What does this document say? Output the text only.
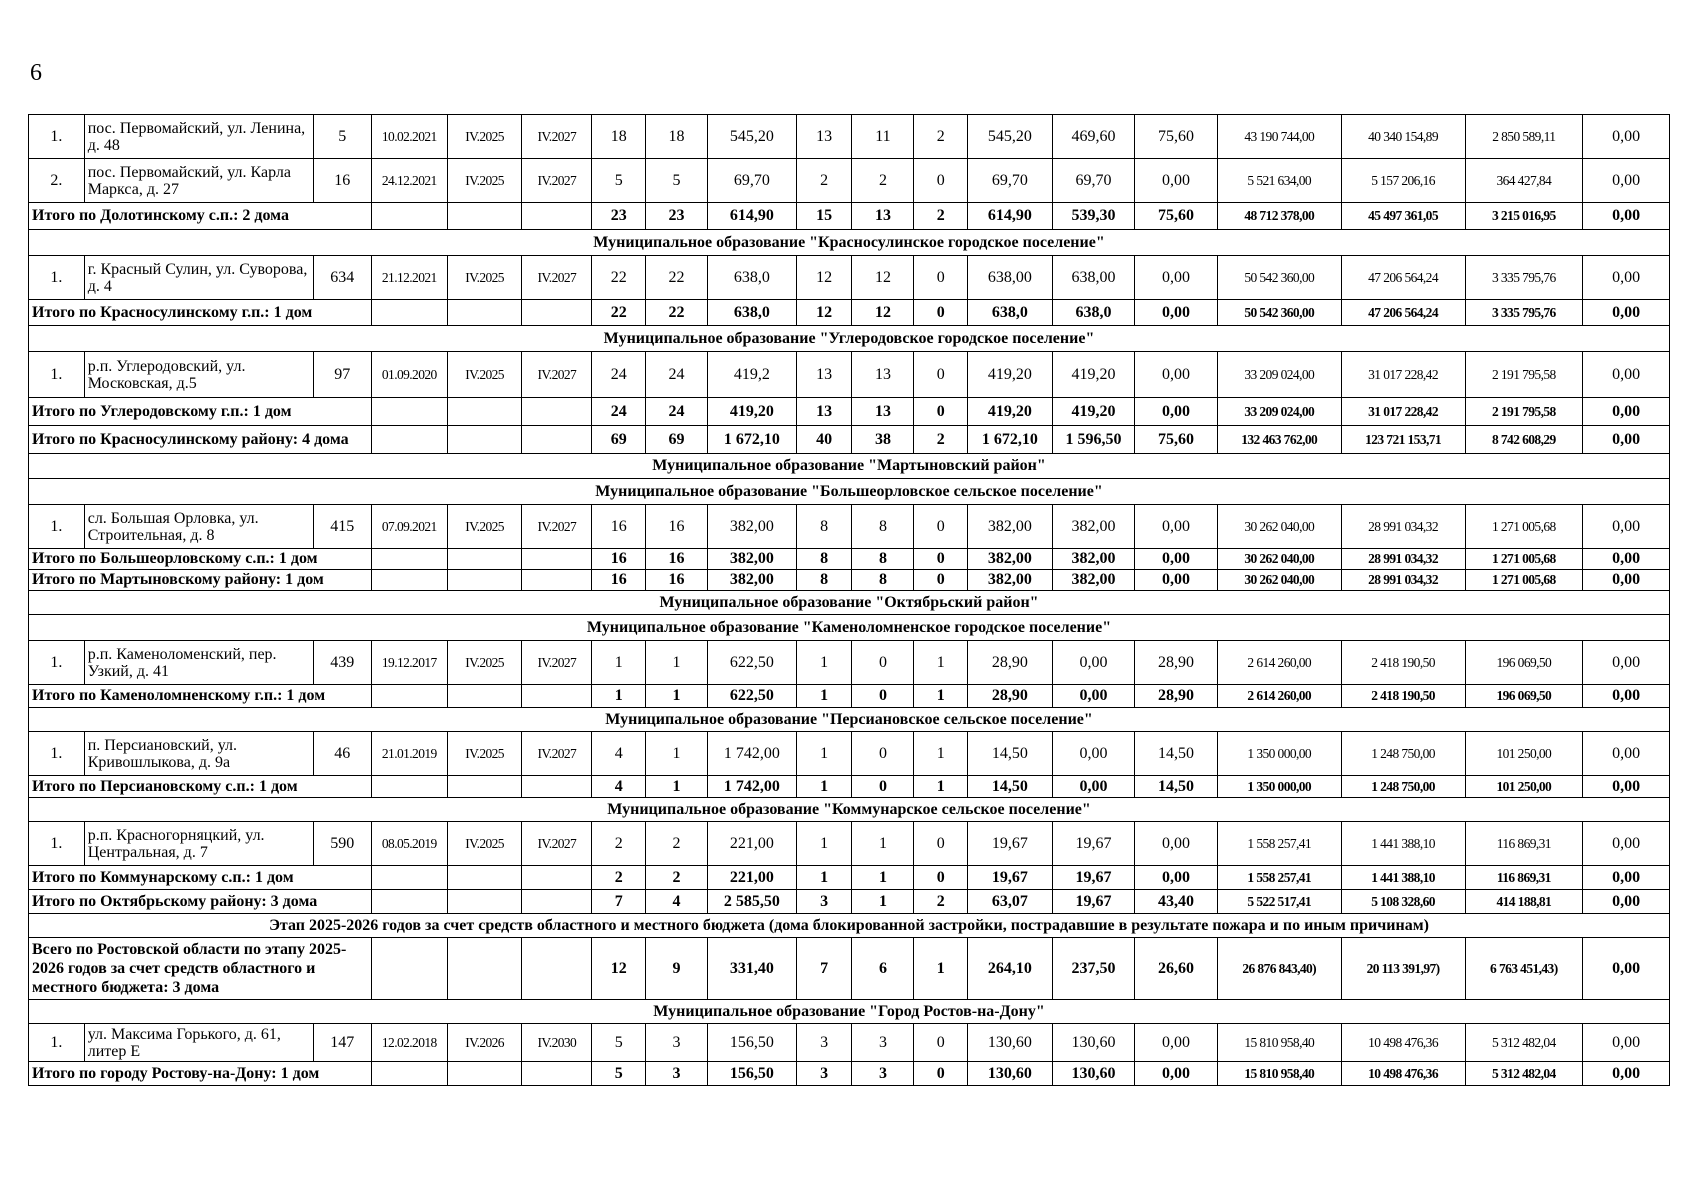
6
1.	пос. Первомайский, ул. Ленина, д. 48	5	10.02.2021	IV.2025	IV.2027	18	18	545,20	13	11	2	545,20	469,60	75,60	43 190 744,00	40 340 154,89	2 850 589,11	0,00
2.	пос. Первомайский, ул. Карла Маркса, д. 27	16	24.12.2021	IV.2025	IV.2027	5	5	69,70	2	2	0	69,70	69,70	0,00	5 521 634,00	5 157 206,16	364 427,84	0,00
Итого по Долотинскому с.п.: 2 дома						23	23	614,90	15	13	2	614,90	539,30	75,60	48 712 378,00	45 497 361,05	3 215 016,95	0,00
Муниципальное образование "Красносулинское городское поселение"																		
1.	г. Красный Сулин, ул. Суворова, д. 4	634	21.12.2021	IV.2025	IV.2027	22	22	638,0	12	12	0	638,00	638,00	0,00	50 542 360,00	47 206 564,24	3 335 795,76	0,00
Итого по Красносулинскому г.п.: 1 дом						22	22	638,0	12	12	0	638,0	638,0	0,00	50 542 360,00	47 206 564,24	3 335 795,76	0,00
Муниципальное образование "Углеродовское городское поселение"																		
1.	р.п. Углеродовский, ул. Московская, д.5	97	01.09.2020	IV.2025	IV.2027	24	24	419,2	13	13	0	419,20	419,20	0,00	33 209 024,00	31 017 228,42	2 191 795,58	0,00
Итого по Углеродовскому г.п.: 1 дом						24	24	419,20	13	13	0	419,20	419,20	0,00	33 209 024,00	31 017 228,42	2 191 795,58	0,00
Итого по Красносулинскому району: 4 дома						69	69	1 672,10	40	38	2	1 672,10	1 596,50	75,60	132 463 762,00	123 721 153,71	8 742 608,29	0,00
Муниципальное образование "Мартыновский район"																		
Муниципальное образование "Большеорловское сельское поселение"																		
1.	сл. Большая Орловка, ул. Строительная, д. 8	415	07.09.2021	IV.2025	IV.2027	16	16	382,00	8	8	0	382,00	382,00	0,00	30 262 040,00	28 991 034,32	1 271 005,68	0,00
Итого по Большеорловскому с.п.: 1 дом						16	16	382,00	8	8	0	382,00	382,00	0,00	30 262 040,00	28 991 034,32	1 271 005,68	0,00
Итого по Мартыновскому району: 1 дом						16	16	382,00	8	8	0	382,00	382,00	0,00	30 262 040,00	28 991 034,32	1 271 005,68	0,00
Муниципальное образование "Октябрьский район"																		
Муниципальное образование "Каменоломненское городское поселение"																		
1.	р.п. Каменоломенский, пер. Узкий, д. 41	439	19.12.2017	IV.2025	IV.2027	1	1	622,50	1	0	1	28,90	0,00	28,90	2 614 260,00	2 418 190,50	196 069,50	0,00
Итого по Каменоломненскому г.п.: 1 дом						1	1	622,50	1	0	1	28,90	0,00	28,90	2 614 260,00	2 418 190,50	196 069,50	0,00
Муниципальное образование "Персиановское сельское поселение"																		
1.	п. Персиановский, ул. Кривошлыкова, д. 9а	46	21.01.2019	IV.2025	IV.2027	4	1	1 742,00	1	0	1	14,50	0,00	14,50	1 350 000,00	1 248 750,00	101 250,00	0,00
Итого по Персиановскому с.п.: 1 дом						4	1	1 742,00	1	0	1	14,50	0,00	14,50	1 350 000,00	1 248 750,00	101 250,00	0,00
Муниципальное образование "Коммунарское сельское поселение"																		
1.	р.п. Красногорняцкий, ул. Центральная, д. 7	590	08.05.2019	IV.2025	IV.2027	2	2	221,00	1	1	0	19,67	19,67	0,00	1 558 257,41	1 441 388,10	116 869,31	0,00
Итого по Коммунарскому с.п.: 1 дом						2	2	221,00	1	1	0	19,67	19,67	0,00	1 558 257,41	1 441 388,10	116 869,31	0,00
Итого по Октябрьскому району: 3 дома						7	4	2 585,50	3	1	2	63,07	19,67	43,40	5 522 517,41	5 108 328,60	414 188,81	0,00
Этап 2025-2026 годов за счет средств областного и местного бюджета (дома блокированной застройки, пострадавшие в результате пожара и по иным причинам)																		
Всего по Ростовской области по этапу 2025-2026 годов за счет средств областного и местного бюджета: 3 дома						12	9	331,40	7	6	1	264,10	237,50	26,60	26 876 843,40)	20 113 391,97)	6 763 451,43)	0,00
Муниципальное образование "Город Ростов-на-Дону"																		
1.	ул. Максима Горького, д. 61, литер Е	147	12.02.2018	IV.2026	IV.2030	5	3	156,50	3	3	0	130,60	130,60	0,00	15 810 958,40	10 498 476,36	5 312 482,04	0,00
Итого по городу Ростову-на-Дону: 1 дом						5	3	156,50	3	3	0	130,60	130,60	0,00	15 810 958,40	10 498 476,36	5 312 482,04	0,00
